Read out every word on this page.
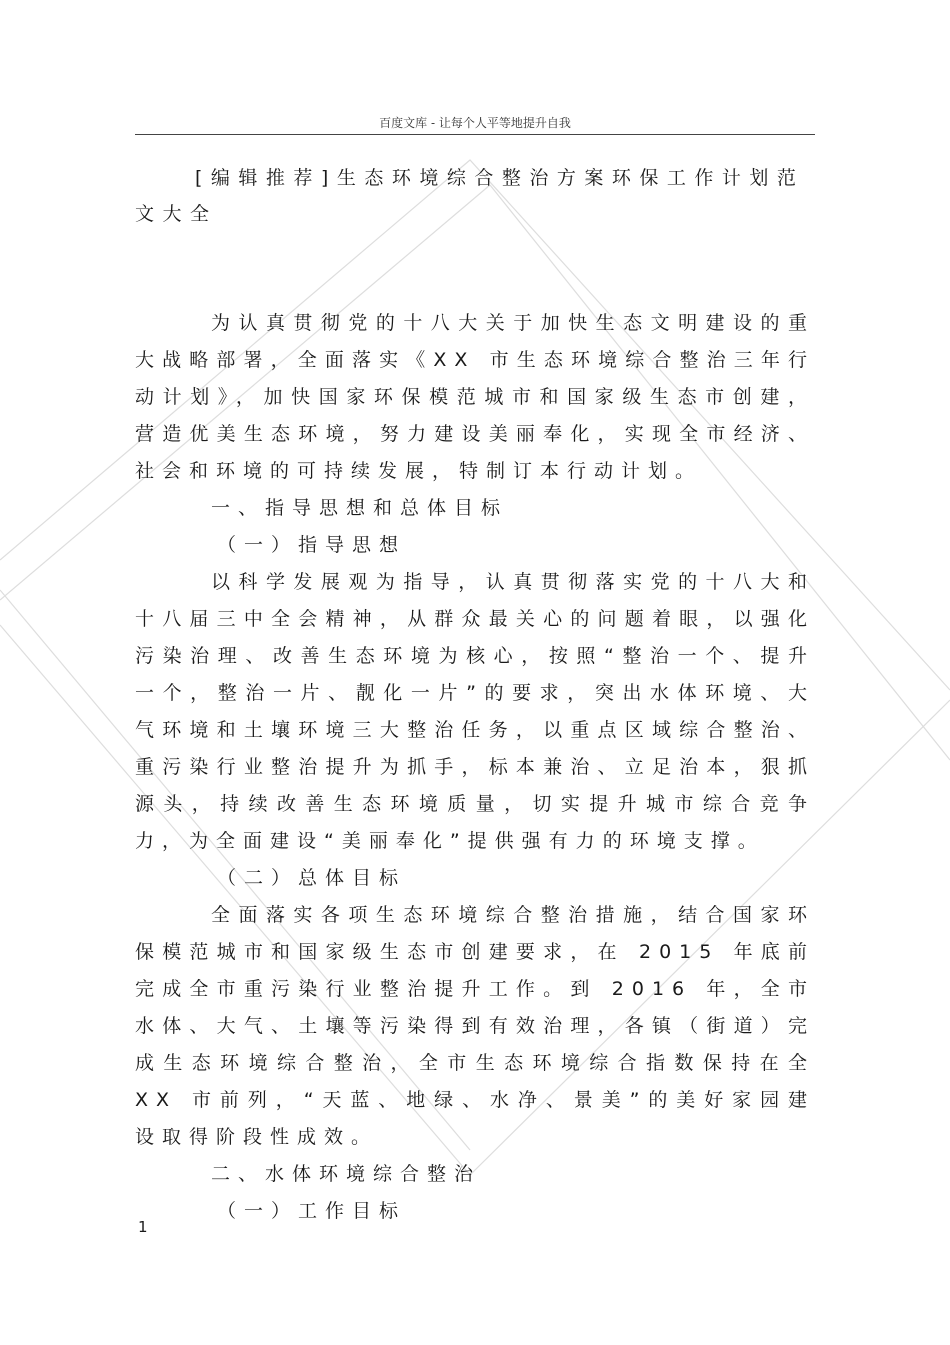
百度文库 - 让每个人平等地提升自我
[编辑推荐]生态环境综合整治方案环保工作计划范文大全

为认真贯彻党的十八大关于加快生态文明建设的重大战略部署，全面落实《XX 市生态环境综合整治三年行动计划》，加快国家环保模范城市和国家级生态市创建，营造优美生态环境，努力建设美丽奉化，实现全市经济、社会和环境的可持续发展，特制订本行动计划。

一、指导思想和总体目标

（一）指导思想

以科学发展观为指导，认真贯彻落实党的十八大和十八届三中全会精神，从群众最关心的问题着眼，以强化污染治理、改善生态环境为核心，按照“整治一个、提升一个，整治一片、靓化一片”的要求，突出水体环境、大气环境和土壤环境三大整治任务，以重点区域综合整治、重污染行业整治提升为抓手，标本兼治、立足治本，狠抓源头，持续改善生态环境质量，切实提升城市综合竞争力，为全面建设“美丽奉化”提供强有力的环境支撑。

（二）总体目标

全面落实各项生态环境综合整治措施，结合国家环保模范城市和国家级生态市创建要求，在 2015 年底前完成全市重污染行业整治提升工作。到 2016 年，全市水体、大气、土壤等污染得到有效治理，各镇（街道）完成生态环境综合整治，全市生态环境综合指数保持在全 XX 市前列，“天蓝、地绿、水净、景美”的美好家园建设取得阶段性成效。

二、水体环境综合整治

（一）工作目标

1
